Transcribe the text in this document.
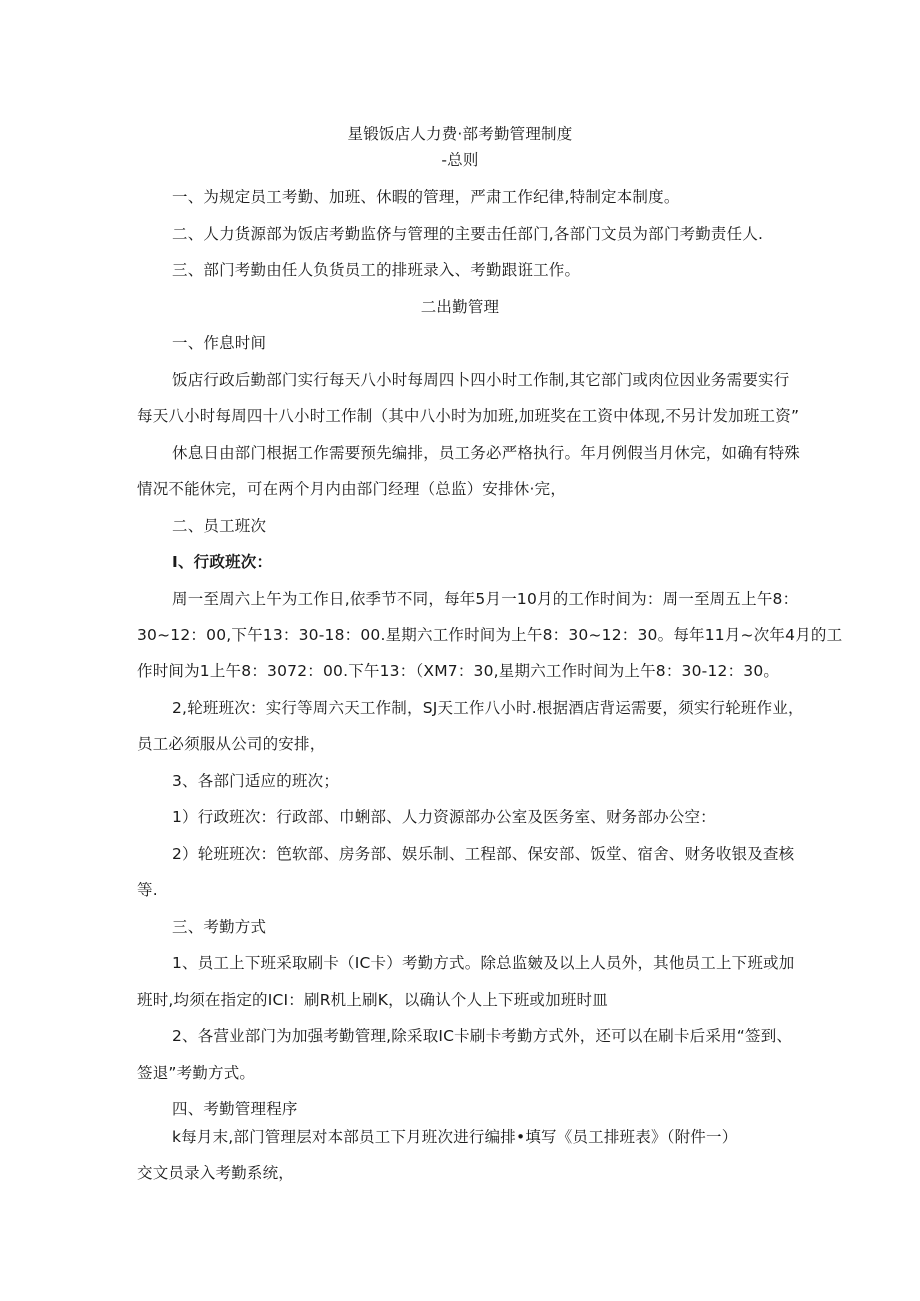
星锻饭店人力费·部考勤管理制度
-总则
一、为规定员工考勤、加班、休暇的管理，严肃工作纪律,特制定本制度。
二、人力货源部为饭店考勤监侪与管理的主要击任部门,各部门文员为部门考勤责任人.
三、部门考勤由任人负货员工的排班录入、考勤跟诳工作。
二出勤管理
一、作息时间
饭店行政后勤部门实行每天八小时每周四卜四小时工作制,其它部门或肉位因业务需要实行
每天八小时每周四十八小时工作制（其中八小时为加班,加班奖在工资中体现,不另计发加班工资”
休息日由部门根据工作需要预先编排，员工务必严格执行。年月例假当月休完，如确有特殊
情况不能休完，可在两个月内由部门经理（总监）安排休·完，
二、员工班次
I、行政班次：
周一至周六上午为工作日,依季节不同，每年5月一10月的工作时间为：周一至周五上午8：
30~12：00,下午13：30-18：00.星期六工作时间为上午8：30~12：30。每年11月~次年4月的工
作时间为1上午8：3072：00.下午13：（XM7：30,星期六工作时间为上午8：30-12：30。
2,轮班班次：实行等周六天工作制，SJ天工作八小时.根据酒店背运需要，须实行轮班作业，
员工必须服从公司的安排，
3、各部门适应的班次；
1）行政班次：行政部、巾蜊部、人力资源部办公室及医务室、财务部办公空：
2）轮班班次：笆软部、房务部、娱乐制、工程部、保安部、饭堂、宿舍、财务收银及查核
等.
三、考勤方式
1、员工上下班采取刷卡（IC卡）考勤方式。除总监皴及以上人员外，其他员工上下班或加
班时,均须在指定的ICI：刷R机上刷K，以确认个人上下班或加班时皿
2、各营业部门为加强考勤管理,除采取IC卡刷卡考勤方式外，还可以在刷卡后采用“签到、
签退”考勤方式。
四、考勤管理程序
k每月末,部门管理层对本部员工下月班次进行编排•填写《员工排班表》（附件一）
交文员录入考勤系统，
